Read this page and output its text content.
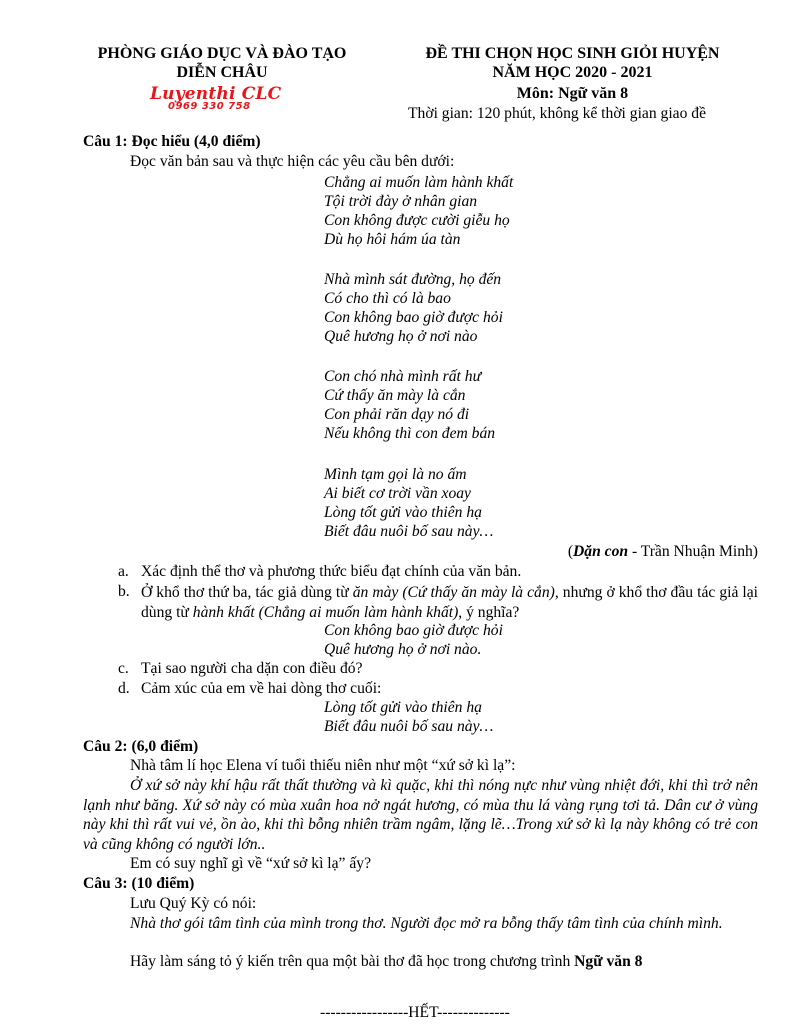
PHÒNG GIÁO DỤC VÀ ĐÀO TẠO
DIỄN CHÂU
Luyenthi CLC
0969 330 758
ĐỀ THI CHỌN HỌC SINH GIỎI HUYỆN
NĂM HỌC 2020 - 2021
Môn: Ngữ văn 8
Thời gian: 120 phút, không kể thời gian giao đề
Câu 1: Đọc hiểu (4,0 điểm)
Đọc văn bản sau và thực hiện các yêu cầu bên dưới:
Chẳng ai muốn làm hành khất
Tội trời đày ở nhân gian
Con không được cười giễu họ
Dù họ hôi hám úa tàn
Nhà mình sát đường, họ đến
Có cho thì có là bao
Con không bao giờ được hỏi
Quê hương họ ở nơi nào
Con chó nhà mình rất hư
Cứ thấy ăn mày là cắn
Con phải răn dạy nó đi
Nếu không thì con đem bán
Mình tạm gọi là no ấm
Ai biết cơ trời vần xoay
Lòng tốt gửi vào thiên hạ
Biết đâu nuôi bố sau này…
(Dặn con - Trần Nhuận Minh)
a. Xác định thể thơ và phương thức biểu đạt chính của văn bản.
b. Ở khổ thơ thứ ba, tác giả dùng từ ăn mày (Cứ thấy ăn mày là cắn), nhưng ở khổ thơ đầu tác giả lại dùng từ hành khất (Chẳng ai muốn làm hành khất), ý nghĩa?
Con không bao giờ được hỏi
Quê hương họ ở nơi nào.
c. Tại sao người cha dặn con điều đó?
d. Cảm xúc của em về hai dòng thơ cuối:
Lòng tốt gửi vào thiên hạ
Biết đâu nuôi bố sau này…
Câu 2: (6,0 điểm)
Nhà tâm lí học Elena ví tuổi thiếu niên như một “xứ sở kì lạ”:
Ở xứ sở này khí hậu rất thất thường và kì quặc, khi thì nóng nực như vùng nhiệt đới, khi thì trở nên lạnh như băng. Xứ sở này có mùa xuân hoa nở ngát hương, có mùa thu lá vàng rụng tơi tả. Dân cư ở vùng này khi thì rất vui vẻ, ồn ào, khi thì bỗng nhiên trầm ngâm, lặng lẽ…Trong xứ sở kì lạ này không có trẻ con và cũng không có người lớn..
Em có suy nghĩ gì về “xứ sở kì lạ” ấy?
Câu 3: (10 điểm)
Lưu Quý Kỳ có nói:
Nhà thơ gói tâm tình của mình trong thơ. Người đọc mở ra bỗng thấy tâm tình của chính mình.
Hãy làm sáng tỏ ý kiến trên qua một bài thơ đã học trong chương trình Ngữ văn 8
-----------------HẾT--------------
